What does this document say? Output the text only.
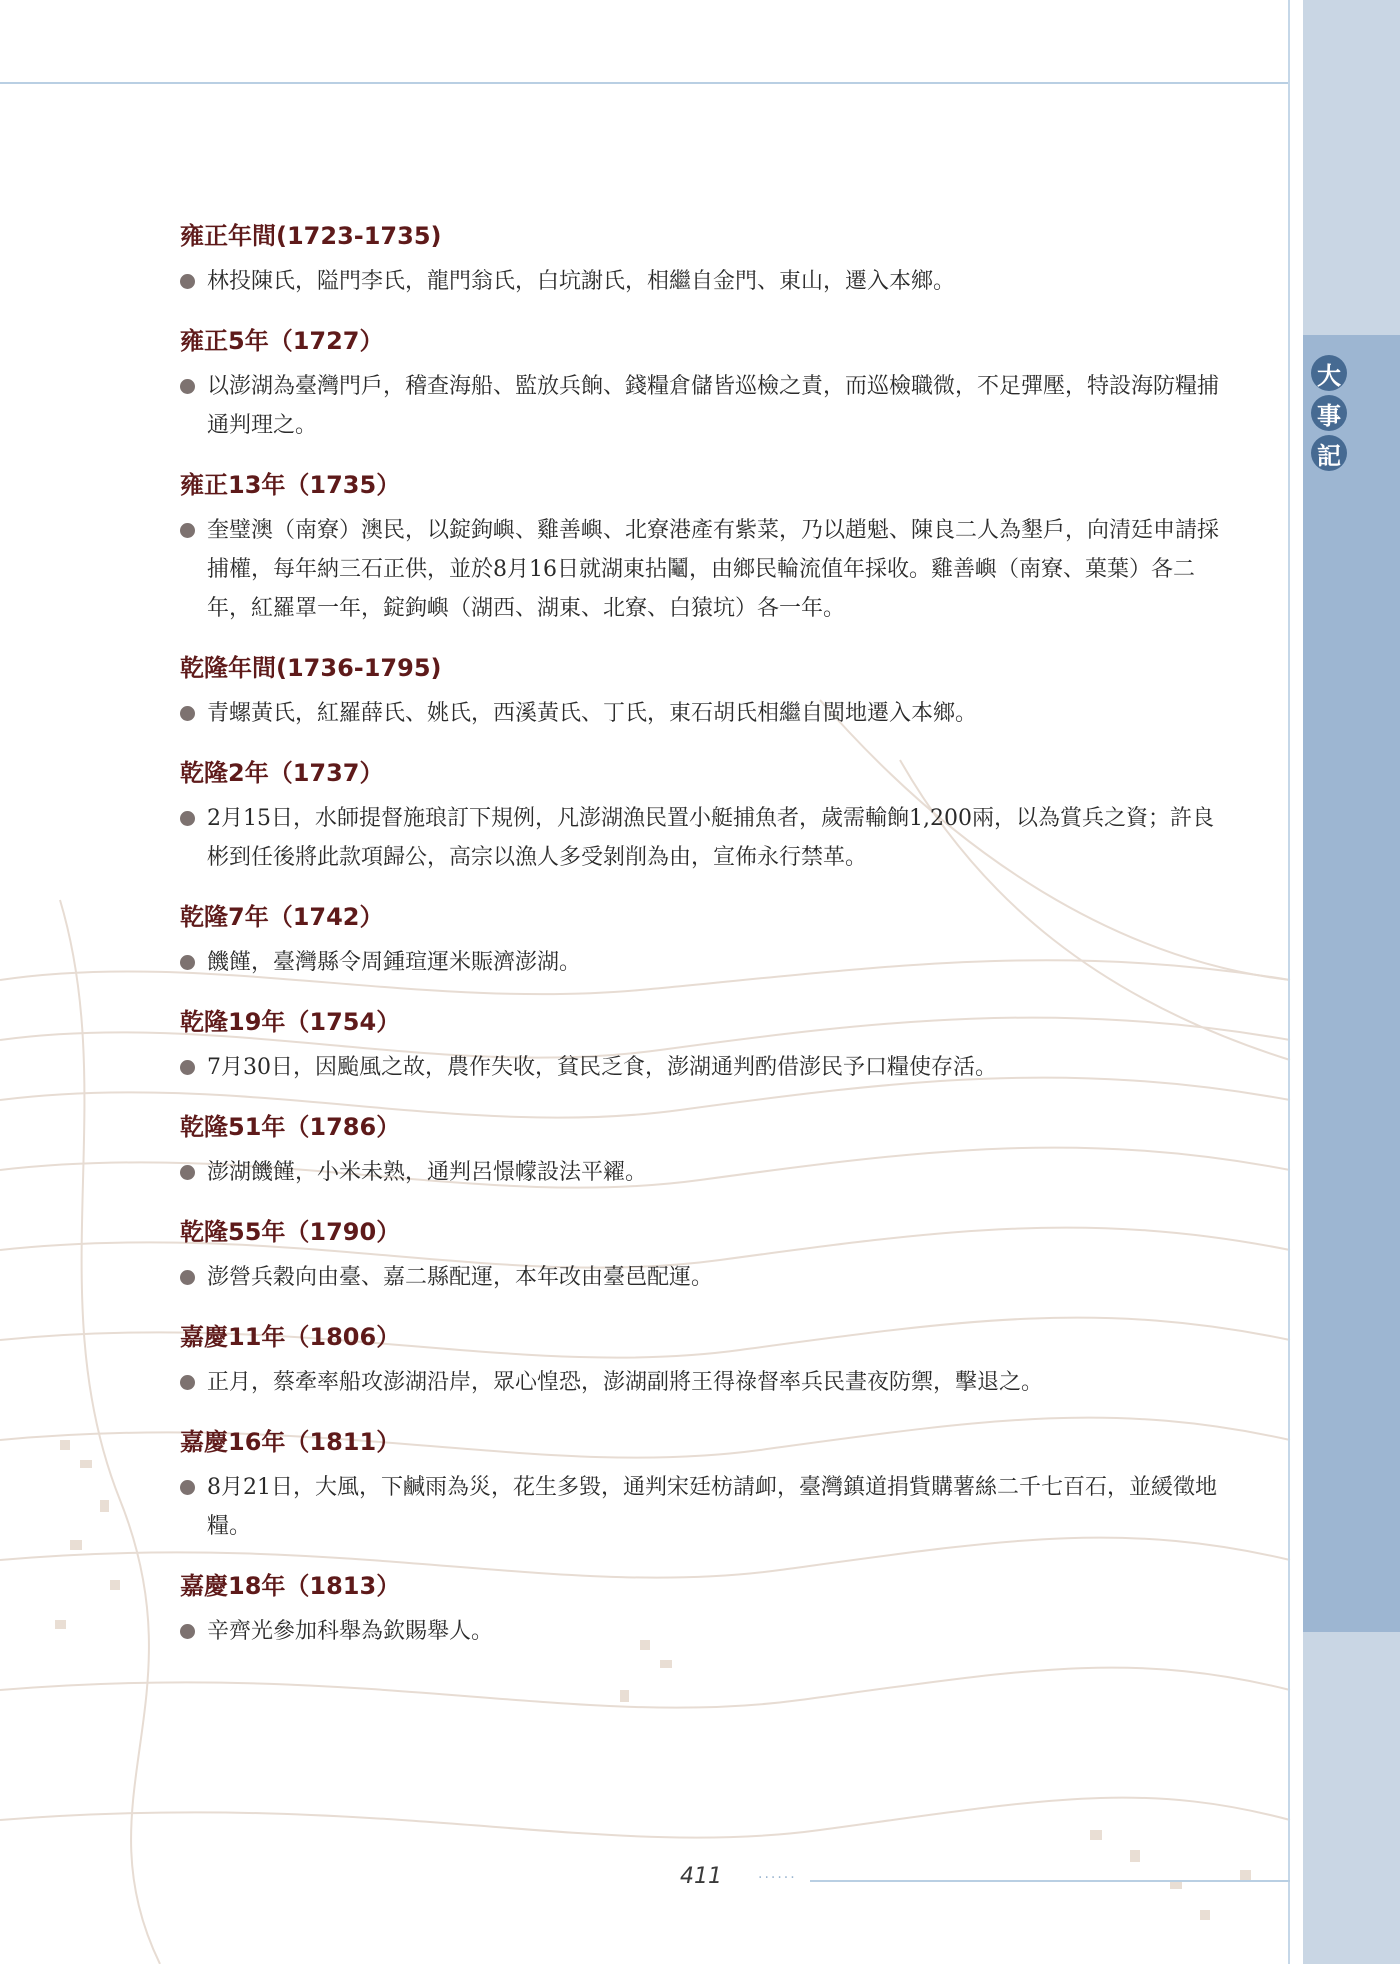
大
事
記
雍正年間(1723-1735)
林投陳氏，隘門李氏，龍門翁氏，白坑謝氏，相繼自金門、東山，遷入本鄉。
雍正5年（1727）
以澎湖為臺灣門戶，稽查海船、監放兵餉、錢糧倉儲皆巡檢之責，而巡檢職微，不足彈壓，特設海防糧捕通判理之。
雍正13年（1735）
奎璧澳（南寮）澳民，以錠鉤嶼、雞善嶼、北寮港產有紫菜，乃以趙魁、陳良二人為墾戶，向清廷申請採捕權，每年納三石正供，並於8月16日就湖東拈鬮，由鄉民輪流值年採收。雞善嶼（南寮、菓葉）各二年，紅羅罩一年，錠鉤嶼（湖西、湖東、北寮、白猿坑）各一年。
乾隆年間(1736-1795)
青螺黃氏，紅羅薛氏、姚氏，西溪黃氏、丁氏，東石胡氏相繼自閩地遷入本鄉。
乾隆2年（1737）
2月15日，水師提督施琅訂下規例，凡澎湖漁民置小艇捕魚者，歲需輸餉1,200兩，以為賞兵之資；許良彬到任後將此款項歸公，高宗以漁人多受剝削為由，宣佈永行禁革。
乾隆7年（1742）
饑饉，臺灣縣令周鍾瑄運米賑濟澎湖。
乾隆19年（1754）
7月30日，因颱風之故，農作失收，貧民乏食，澎湖通判酌借澎民予口糧使存活。
乾隆51年（1786）
澎湖饑饉，小米未熟，通判呂憬幪設法平糴。
乾隆55年（1790）
澎營兵穀向由臺、嘉二縣配運，本年改由臺邑配運。
嘉慶11年（1806）
正月，蔡牽率船攻澎湖沿岸，眾心惶恐，澎湖副將王得祿督率兵民晝夜防禦，擊退之。
嘉慶16年（1811）
8月21日，大風，下鹹雨為災，花生多毀，通判宋廷枋請卹，臺灣鎮道捐貲購薯絲二千七百石，並緩徵地糧。
嘉慶18年（1813）
辛齊光參加科舉為欽賜舉人。
411	······
